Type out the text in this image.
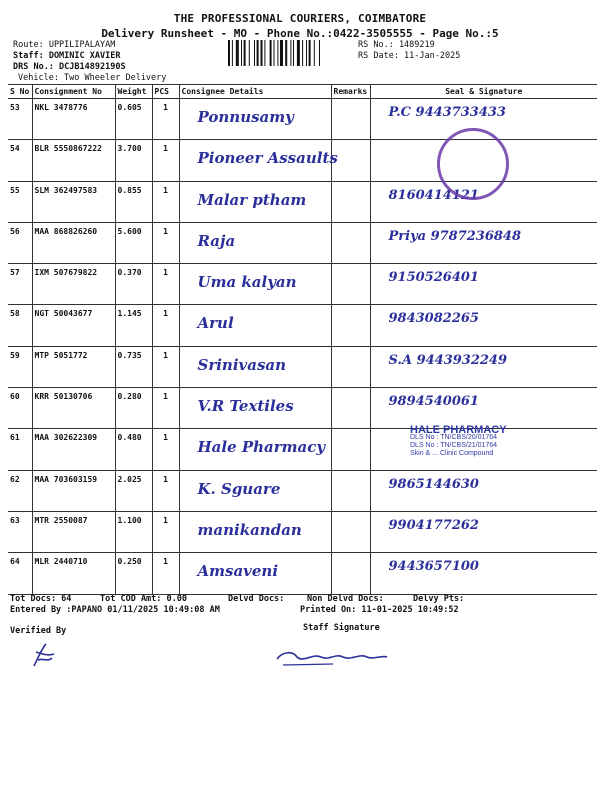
THE PROFESSIONAL COURIERS, COIMBATORE
Delivery Runsheet - MO - Phone No.:0422-3505555 - Page No.:5
Route: UPPILIPALAYAM
Staff: DOMINIC XAVIER
DRS No.: DCJB14892190S
Vehicle: Two Wheeler Delivery
RS No.: 1489219
RS Date: 11-Jan-2025
S No	Consignment No	Weight	PCS	Consignee Details	Remarks	Seal & Signature
53	NKL 3478776	0.605	1	Ponnusamy		P.C 9443733433

54	BLR 5550867222	3.700	1	Pioneer Assaults		

55	SLM 362497583	0.855	1	Malar ptham		8160414121

56	MAA 868826260	5.600	1	Raja		Priya 9787236848

57	IXM 507679822	0.370	1	Uma kalyan		9150526401

58	NGT 50043677	1.145	1	Arul		9843082265

59	MTP 5051772	0.735	1	Srinivasan		S.A 9443932249

60	KRR 50130706	0.280	1	V.R Textiles		9894540061

61	MAA 302622309	0.480	1	Hale Pharmacy		

62	MAA 703603159	2.025	1	K. Sguare		9865144630

63	MTR 2550087	1.100	1	manikandan		9904177262

64	MLR 2440710	0.250	1	Amsaveni		9443657100
HALE PHARMACY
DLS No : TN/CBS/20/01764
DLS No : TN/CBS/21/01764
Skin & ... Clinic Compound
Tot Docs: 64	Tot COD Amt: 0.00	Delvd Docs:	Non Delvd Docs:	Delvy Pts:
Entered By :PAPANO 01/11/2025 10:49:08 AM	Printed On: 11-01-2025 10:49:52
Verified By	Staff Signature
